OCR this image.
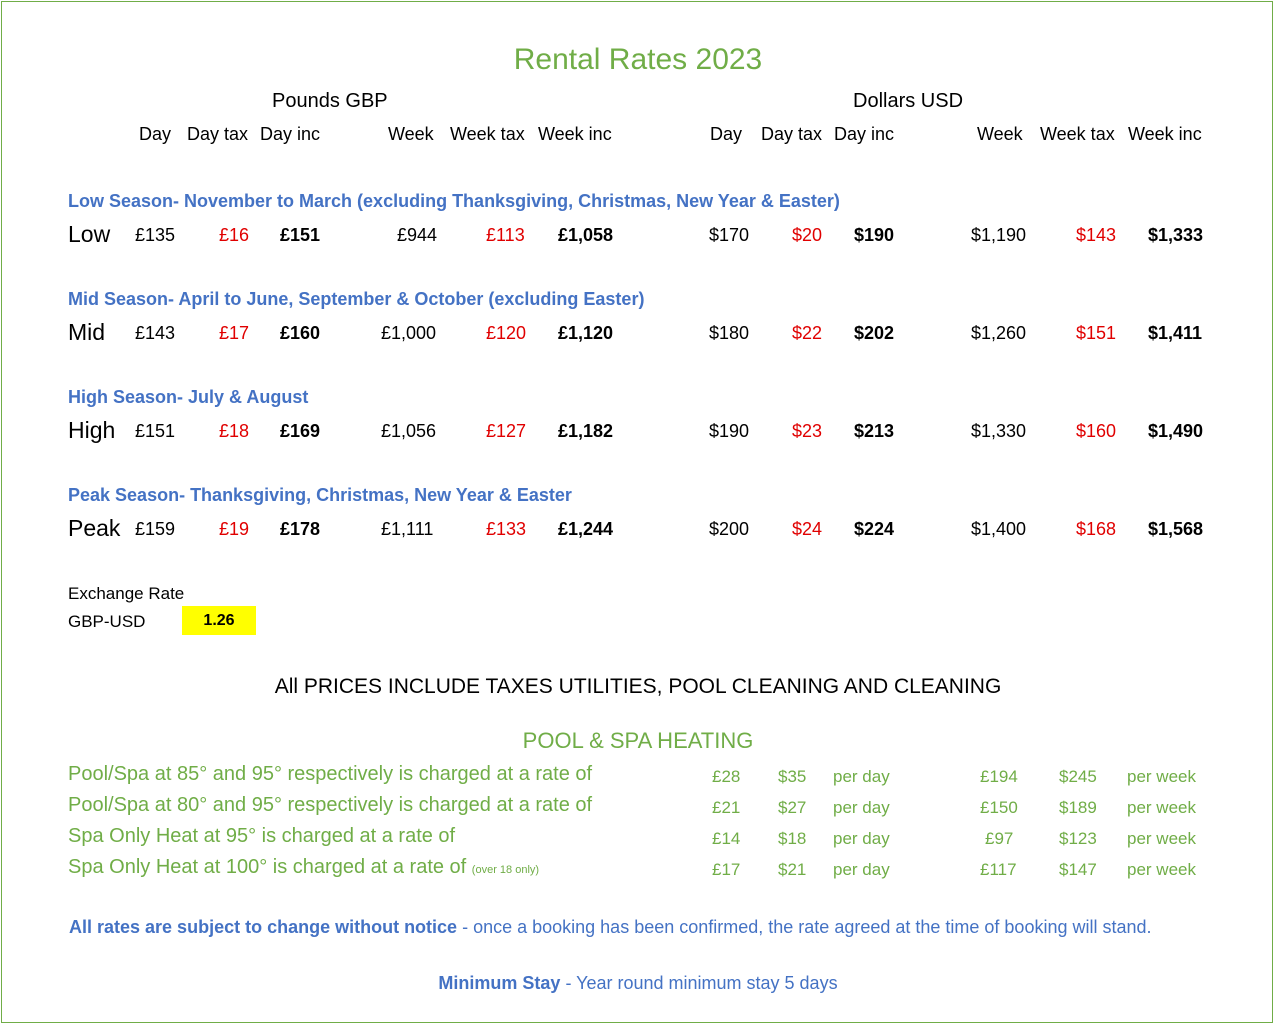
Rental Rates 2023
Pounds GBP	Dollars USD
Day Day tax Day inc	Week Week tax Week inc	Day Day tax Day inc	Week Week tax Week inc
Low Season- November to March (excluding Thanksgiving, Christmas, New Year & Easter)
Low £135 £16 £151	£944	£113 £1,058	$170 $20 $190	$1,190	$143 $1,333
Mid Season- April to June, September & October (excluding Easter)
Mid £143 £17 £160	£1,000	£120 £1,120	$180 $22 $202	$1,260	$151 $1,411
High Season- July & August
High £151 £18 £169	£1,056	£127 £1,182	$190 $23 $213	$1,330	$160 $1,490
Peak Season- Thanksgiving, Christmas, New Year & Easter
Peak £159 £19 £178	£1,111	£133 £1,244	$200 $24 $224	$1,400	$168 $1,568
Exchange Rate
GBP-USD	1.26
All PRICES INCLUDE TAXES UTILITIES, POOL CLEANING AND CLEANING
POOL & SPA HEATING
Pool/Spa at 85° and 95° respectively is charged at a rate of	£28 $35 per day	£194 $245 per week
Pool/Spa at 80° and 95° respectively is charged at a rate of	£21 $27 per day	£150 $189 per week
Spa Only Heat at 95° is charged at a rate of	£14 $18 per day	£97	$123 per week
Spa Only Heat at 100° is charged at a rate of (over 18 only)	£17 $21 per day	£117 $147 per week
All rates are subject to change without notice - once a booking has been confirmed, the rate agreed at the time of booking will stand.
Minimum Stay - Year round minimum stay 5 days
